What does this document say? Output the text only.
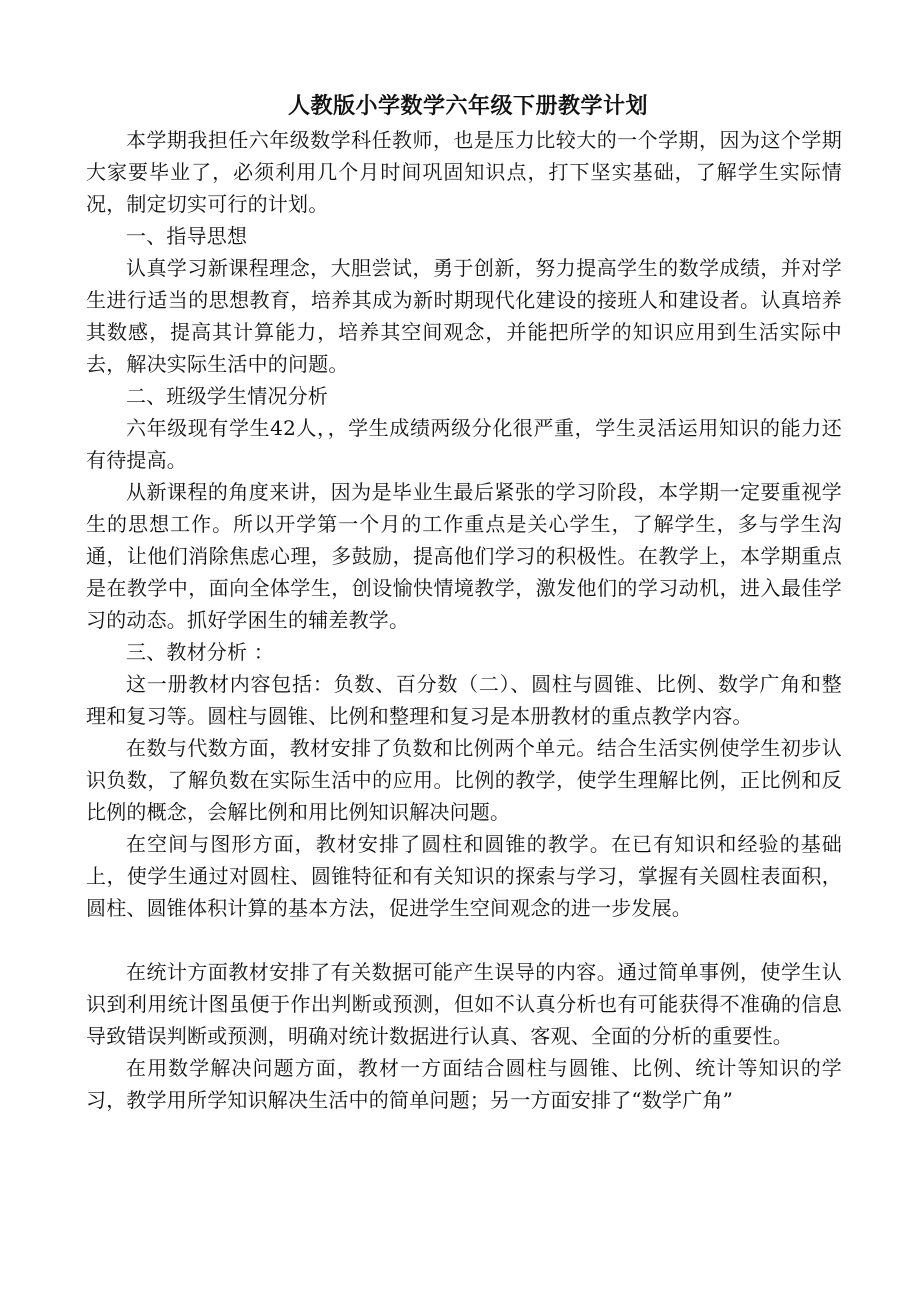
人教版小学数学六年级下册教学计划

本学期我担任六年级数学科任教师，也是压力比较大的一个学期，因为这个学期大家要毕业了，必须利用几个月时间巩固知识点，打下坚实基础，了解学生实际情况，制定切实可行的计划。

一、指导思想

认真学习新课程理念，大胆尝试，勇于创新，努力提高学生的数学成绩，并对学生进行适当的思想教育，培养其成为新时期现代化建设的接班人和建设者。认真培养其数感，提高其计算能力，培养其空间观念，并能把所学的知识应用到生活实际中去，解决实际生活中的问题。

二、班级学生情况分析

六年级现有学生42人，，学生成绩两级分化很严重，学生灵活运用知识的能力还有待提高。

从新课程的角度来讲，因为是毕业生最后紧张的学习阶段，本学期一定要重视学生的思想工作。所以开学第一个月的工作重点是关心学生，了解学生，多与学生沟通，让他们消除焦虑心理，多鼓励，提高他们学习的积极性。在教学上，本学期重点是在教学中，面向全体学生，创设愉快情境教学，激发他们的学习动机，进入最佳学习的动态。抓好学困生的辅差教学。

三、教材分析 ：

这一册教材内容包括：负数、百分数（二）、圆柱与圆锥、比例、数学广角和整理和复习等。圆柱与圆锥、比例和整理和复习是本册教材的重点教学内容。

在数与代数方面，教材安排了负数和比例两个单元。结合生活实例使学生初步认识负数，了解负数在实际生活中的应用。比例的教学，使学生理解比例，正比例和反比例的概念，会解比例和用比例知识解决问题。

在空间与图形方面，教材安排了圆柱和圆锥的教学。在已有知识和经验的基础上，使学生通过对圆柱、圆锥特征和有关知识的探索与学习，掌握有关圆柱表面积，圆柱、圆锥体积计算的基本方法，促进学生空间观念的进一步发展。

在统计方面教材安排了有关数据可能产生误导的内容。通过简单事例，使学生认识到利用统计图虽便于作出判断或预测，但如不认真分析也有可能获得不准确的信息导致错误判断或预测，明确对统计数据进行认真、客观、全面的分析的重要性。

在用数学解决问题方面，教材一方面结合圆柱与圆锥、比例、统计等知识的学习，教学用所学知识解决生活中的简单问题；另一方面安排了“数学广角”
